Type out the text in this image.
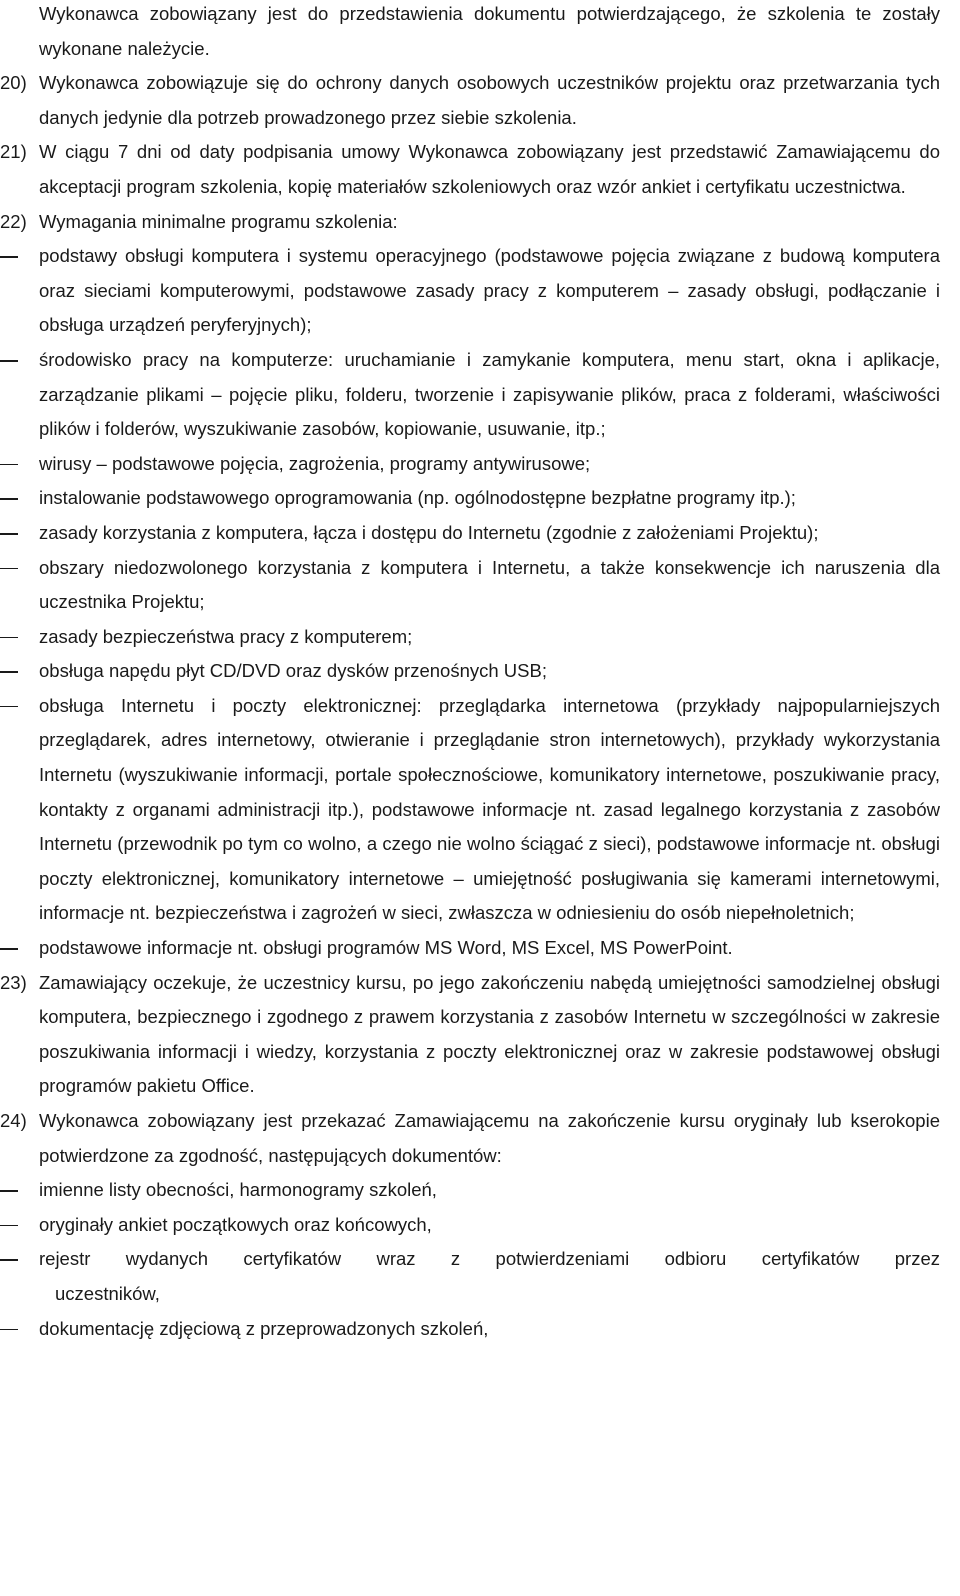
Wykonawca zobowiązany jest do przedstawienia dokumentu potwierdzającego, że szkolenia te zostały wykonane należycie.

20) Wykonawca zobowiązuje się do ochrony danych osobowych uczestników projektu oraz przetwarzania tych danych jedynie dla potrzeb prowadzonego przez siebie szkolenia.

21) W ciągu 7 dni od daty podpisania umowy Wykonawca zobowiązany jest przedstawić Zamawiającemu do akceptacji program szkolenia, kopię materiałów szkoleniowych oraz wzór ankiet i certyfikatu uczestnictwa.

22) Wymagania minimalne programu szkolenia:

podstawy obsługi komputera i systemu operacyjnego (podstawowe pojęcia związane z budową komputera oraz sieciami komputerowymi, podstawowe zasady pracy z komputerem – zasady obsługi, podłączanie i obsługa urządzeń peryferyjnych);

środowisko pracy na komputerze: uruchamianie i zamykanie komputera, menu start, okna i aplikacje, zarządzanie plikami – pojęcie pliku, folderu, tworzenie i zapisywanie plików, praca z folderami, właściwości plików i folderów, wyszukiwanie zasobów, kopiowanie, usuwanie, itp.;

wirusy – podstawowe pojęcia, zagrożenia, programy antywirusowe;

instalowanie podstawowego oprogramowania (np. ogólnodostępne bezpłatne programy itp.);

zasady korzystania z komputera, łącza i dostępu do Internetu (zgodnie z założeniami Projektu);

obszary niedozwolonego korzystania z komputera i Internetu, a także konsekwencje ich naruszenia dla uczestnika Projektu;

zasady bezpieczeństwa pracy z komputerem;

obsługa napędu płyt CD/DVD oraz dysków przenośnych USB;

obsługa Internetu i poczty elektronicznej: przeglądarka internetowa (przykłady najpopularniejszych przeglądarek, adres internetowy, otwieranie i przeglądanie stron internetowych), przykłady wykorzystania Internetu (wyszukiwanie informacji, portale społecznościowe, komunikatory internetowe, poszukiwanie pracy, kontakty z organami administracji itp.), podstawowe informacje nt. zasad legalnego korzystania z zasobów Internetu (przewodnik po tym co wolno, a czego nie wolno ściągać z sieci), podstawowe informacje nt. obsługi poczty elektronicznej, komunikatory internetowe – umiejętność posługiwania się kamerami internetowymi, informacje nt. bezpieczeństwa i zagrożeń w sieci, zwłaszcza w odniesieniu do osób niepełnoletnich;

podstawowe informacje nt. obsługi programów MS Word, MS Excel, MS PowerPoint.

23) Zamawiający oczekuje, że uczestnicy kursu, po jego zakończeniu nabędą umiejętności samodzielnej obsługi komputera, bezpiecznego i zgodnego z prawem korzystania z zasobów Internetu w szczególności w zakresie poszukiwania informacji i wiedzy, korzystania z poczty elektronicznej oraz w zakresie podstawowej obsługi programów pakietu Office.

24) Wykonawca zobowiązany jest przekazać Zamawiającemu na zakończenie kursu oryginały lub kserokopie potwierdzone za zgodność, następujących dokumentów:

imienne listy obecności, harmonogramy szkoleń,

oryginały ankiet początkowych oraz końcowych,

rejestr wydanych certyfikatów wraz z potwierdzeniami odbioru certyfikatów przez
uczestników,

dokumentację zdjęciową z przeprowadzonych szkoleń,
